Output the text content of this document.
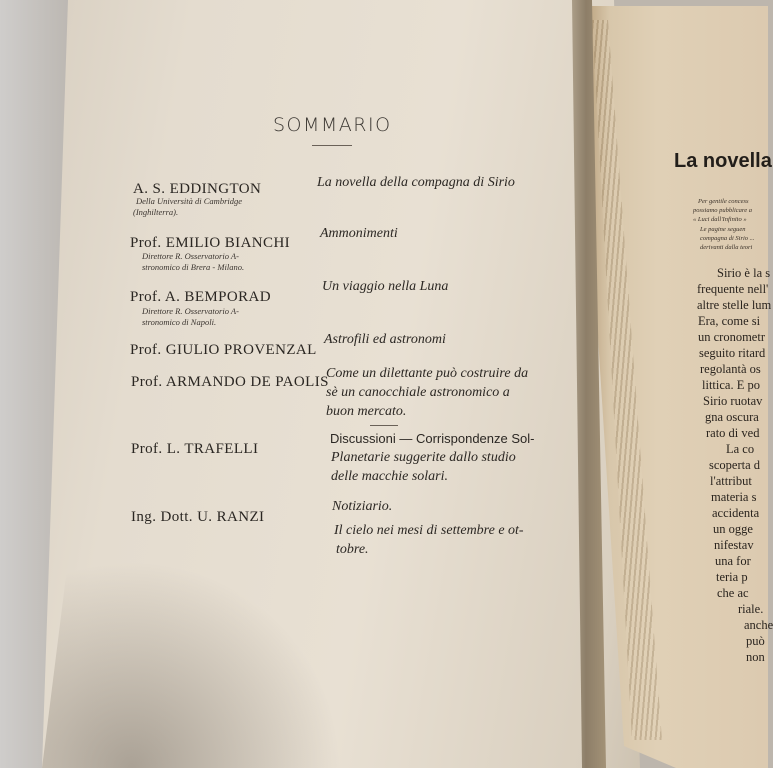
SOMMARIO
A. S. EDDINGTON
Della Università di Cambridge
(Inghilterra).
La novella della compagna di Sirio
Prof. EMILIO BIANCHI
Direttore R. Osservatorio A-
stronomico di Brera - Milano.
Ammonimenti
Prof. A. BEMPORAD
Direttore R. Osservatorio A-
stronomico di Napoli.
Un viaggio nella Luna
Prof. GIULIO PROVENZAL
Astrofili ed astronomi
Prof. ARMANDO DE PAOLIS
Come un dilettante può costruire da
sè un canocchiale astronomico a
buon mercato.
Prof. L. TRAFELLI
Discussioni — Corrispondenze Sol-
Planetarie suggerite dallo studio
delle macchie solari.
Ing. Dott. U. RANZI
Notiziario.
Il cielo nei mesi di settembre e ot-
tobre.
La novella
Per gentile concess
possiamo pubblicare a
« Luci dall'Infinito »
Le pagine seguen
compagna di Sirio ...
derivanti dalla teori
Sirio è la s
frequente nell'
altre stelle lum
Era, come si
un cronometr
seguito ritard
regolantà os
littica. E po
Sirio ruotav
gna oscura
rato di ved
La co
scoperta d
l'attribut
materia s
accidenta
un ogge
nifestav
una for
teria p
che ac
riale.
anche
può
non
